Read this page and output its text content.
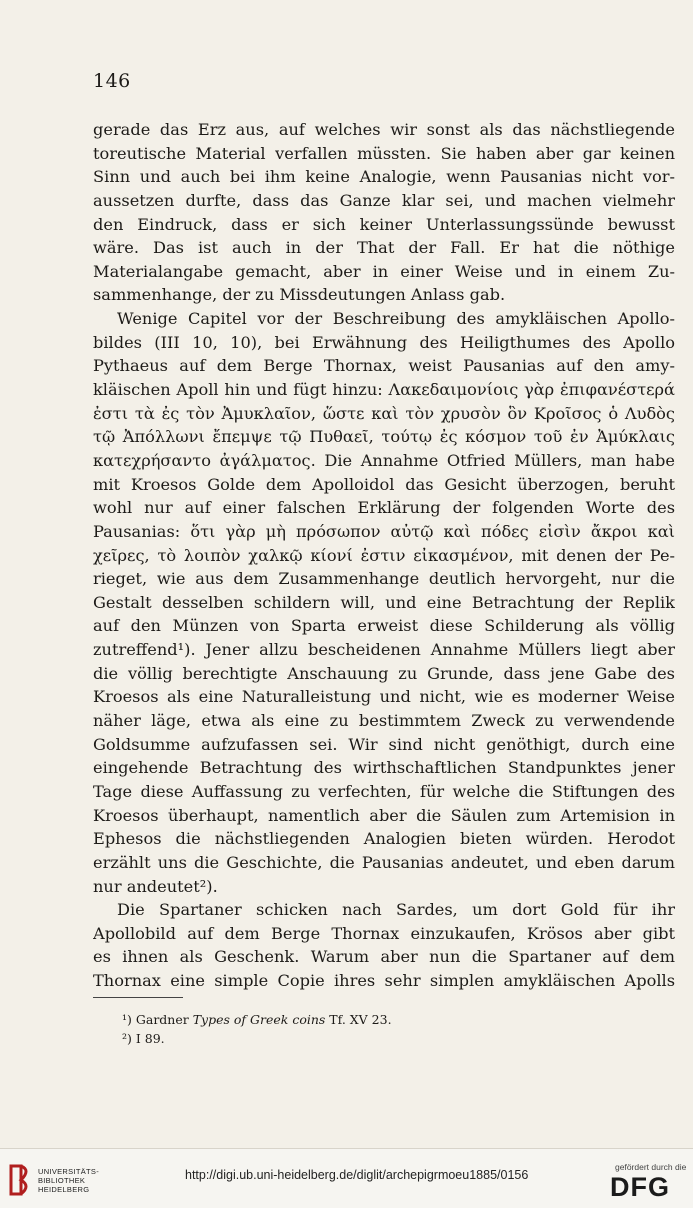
146
gerade das Erz aus, auf welches wir sonst als das nächstliegende
toreutische Material verfallen müssten. Sie haben aber gar keinen
Sinn und auch bei ihm keine Analogie, wenn Pausanias nicht vor-
aussetzen durfte, dass das Ganze klar sei, und machen vielmehr
den Eindruck, dass er sich keiner Unterlassungssünde bewusst
wäre. Das ist auch in der That der Fall. Er hat die nöthige
Materialangabe gemacht, aber in einer Weise und in einem Zu-
sammenhange, der zu Missdeutungen Anlass gab.
Wenige Capitel vor der Beschreibung des amykläischen Apollo-
bildes (III 10, 10), bei Erwähnung des Heiligthumes des Apollo
Pythaeus auf dem Berge Thornax, weist Pausanias auf den amy-
kläischen Apoll hin und fügt hinzu: Λακεδαιμονίοις γὰρ ἐπιφανέστερά
ἐστι τὰ ἐς τὸν Ἀμυκλαῖον, ὥστε καὶ τὸν χρυσὸν ὃν Κροῖσος ὁ Λυδὸς
τῷ Ἀπόλλωνι ἔπεμψε τῷ Πυθαεῖ, τούτῳ ἐς κόσμον τοῦ ἐν Ἀμύκλαις
κατεχρήσαντο ἀγάλματος. Die Annahme Otfried Müllers, man habe
mit Kroesos Golde dem Apolloidol das Gesicht überzogen, beruht
wohl nur auf einer falschen Erklärung der folgenden Worte des
Pausanias: ὅτι γὰρ μὴ πρόσωπον αὐτῷ καὶ πόδες εἰσὶν ἄκροι καὶ
χεῖρες, τὸ λοιπὸν χαλκῷ κίονί ἐστιν εἰκασμένον, mit denen der Pe-
rieget, wie aus dem Zusammenhange deutlich hervorgeht, nur die
Gestalt desselben schildern will, und eine Betrachtung der Replik
auf den Münzen von Sparta erweist diese Schilderung als völlig
zutreffend¹). Jener allzu bescheidenen Annahme Müllers liegt aber
die völlig berechtigte Anschauung zu Grunde, dass jene Gabe des
Kroesos als eine Naturalleistung und nicht, wie es moderner Weise
näher läge, etwa als eine zu bestimmtem Zweck zu verwendende
Goldsumme aufzufassen sei. Wir sind nicht genöthigt, durch eine
eingehende Betrachtung des wirthschaftlichen Standpunktes jener
Tage diese Auffassung zu verfechten, für welche die Stiftungen des
Kroesos überhaupt, namentlich aber die Säulen zum Artemision in
Ephesos die nächstliegenden Analogien bieten würden. Herodot
erzählt uns die Geschichte, die Pausanias andeutet, und eben darum
nur andeutet²).
Die Spartaner schicken nach Sardes, um dort Gold für ihr
Apollobild auf dem Berge Thornax einzukaufen, Krösos aber gibt
es ihnen als Geschenk. Warum aber nun die Spartaner auf dem
Thornax eine simple Copie ihres sehr simplen amykläischen Apolls
¹) Gardner Types of Greek coins Tf. XV 23.
²) I 89.
UNIVERSITÄTS-
BIBLIOTHEK
HEIDELBERG
http://digi.ub.uni-heidelberg.de/diglit/archepigrmoeu1885/0156
gefördert durch die
DFG
